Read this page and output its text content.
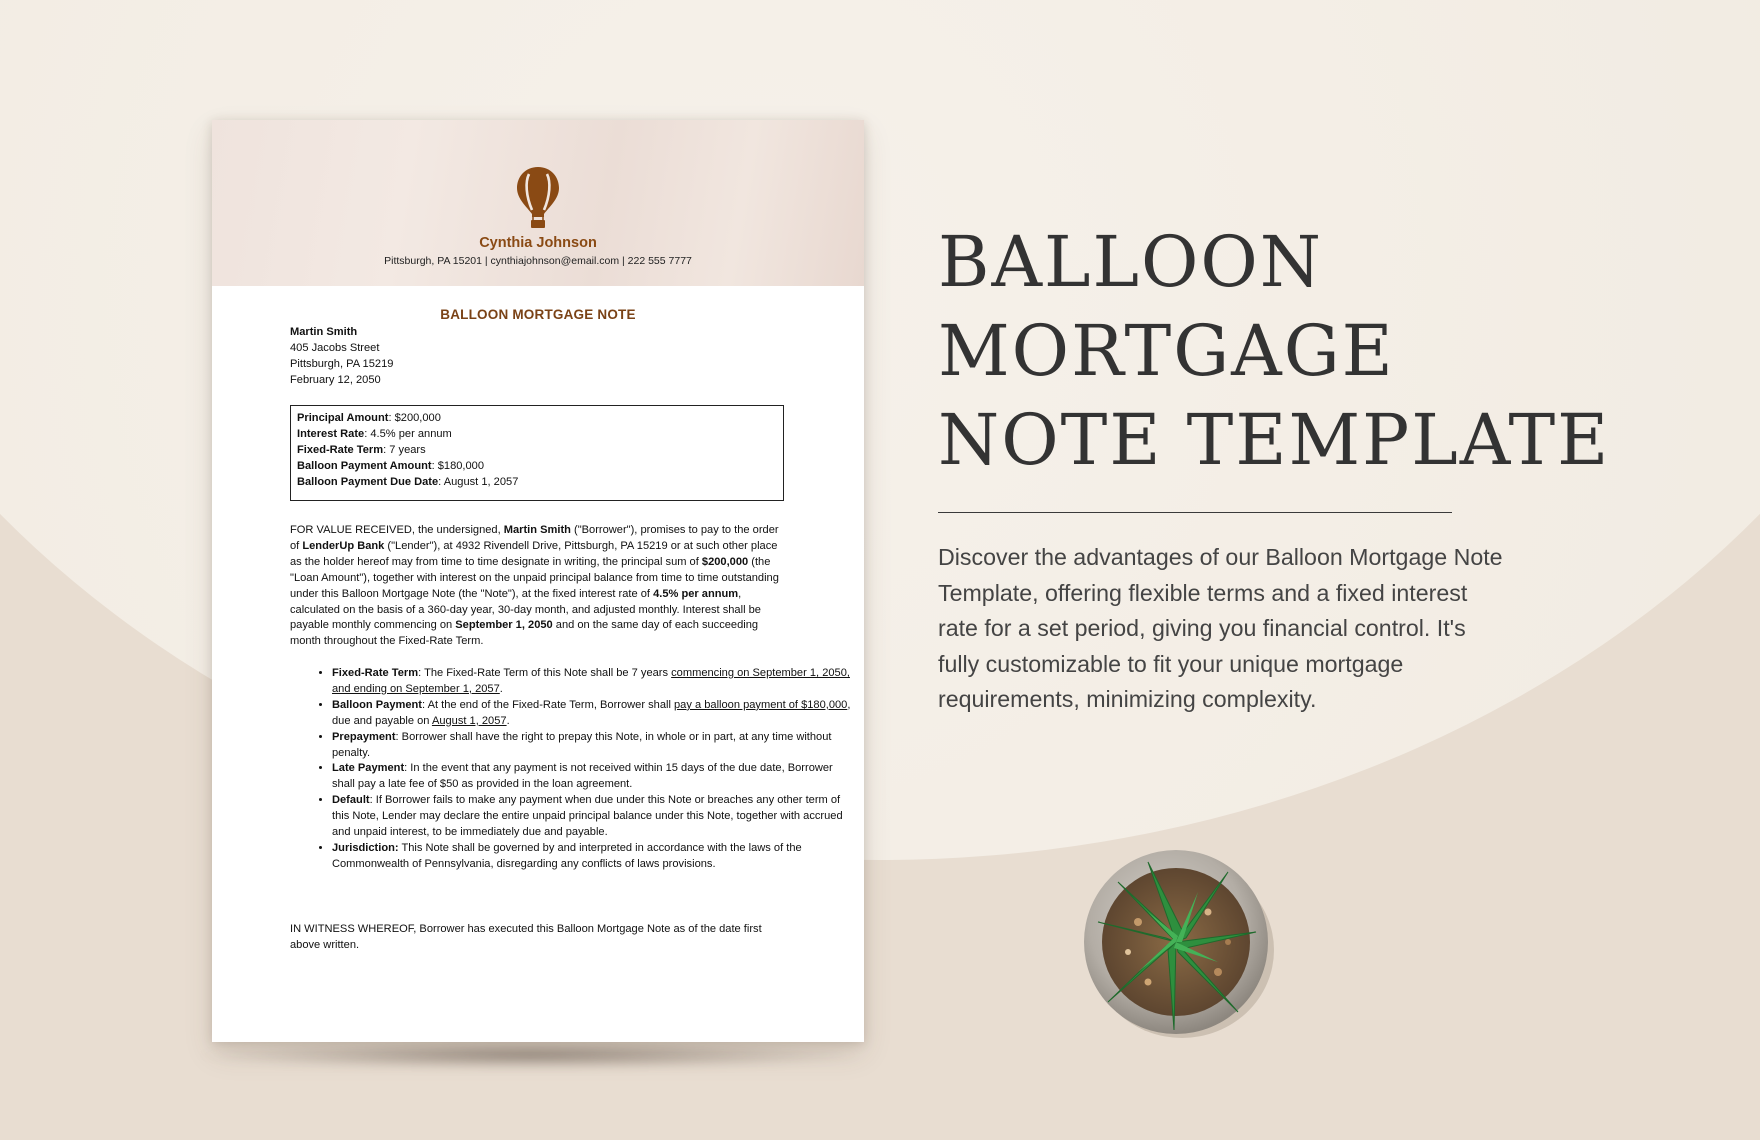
Cynthia Johnson
Pittsburgh, PA 15201 | cynthiajohnson@email.com | 222 555 7777
BALLOON MORTGAGE NOTE
Martin Smith
405 Jacobs Street
Pittsburgh, PA 15219
February 12, 2050
Principal Amount: $200,000
Interest Rate: 4.5% per annum
Fixed-Rate Term: 7 years
Balloon Payment Amount: $180,000
Balloon Payment Due Date: August 1, 2057
FOR VALUE RECEIVED, the undersigned, Martin Smith ("Borrower"), promises to pay to the order of LenderUp Bank ("Lender"), at 4932 Rivendell Drive, Pittsburgh, PA 15219 or at such other place as the holder hereof may from time to time designate in writing, the principal sum of $200,000 (the "Loan Amount"), together with interest on the unpaid principal balance from time to time outstanding under this Balloon Mortgage Note (the "Note"), at the fixed interest rate of 4.5% per annum, calculated on the basis of a 360-day year, 30-day month, and adjusted monthly. Interest shall be payable monthly commencing on September 1, 2050 and on the same day of each succeeding month throughout the Fixed-Rate Term.
• Fixed-Rate Term: The Fixed-Rate Term of this Note shall be 7 years commencing on September 1, 2050, and ending on September 1, 2057.
• Balloon Payment: At the end of the Fixed-Rate Term, Borrower shall pay a balloon payment of $180,000, due and payable on August 1, 2057.
• Prepayment: Borrower shall have the right to prepay this Note, in whole or in part, at any time without penalty.
• Late Payment: In the event that any payment is not received within 15 days of the due date, Borrower shall pay a late fee of $50 as provided in the loan agreement.
• Default: If Borrower fails to make any payment when due under this Note or breaches any other term of this Note, Lender may declare the entire unpaid principal balance under this Note, together with accrued and unpaid interest, to be immediately due and payable.
• Jurisdiction: This Note shall be governed by and interpreted in accordance with the laws of the Commonwealth of Pennsylvania, disregarding any conflicts of laws provisions.
IN WITNESS WHEREOF, Borrower has executed this Balloon Mortgage Note as of the date first above written.
BALLOON
MORTGAGE
NOTE TEMPLATE

Discover the advantages of our Balloon Mortgage Note Template, offering flexible terms and a fixed interest rate for a set period, giving you financial control. It's fully customizable to fit your unique mortgage requirements, minimizing complexity.
